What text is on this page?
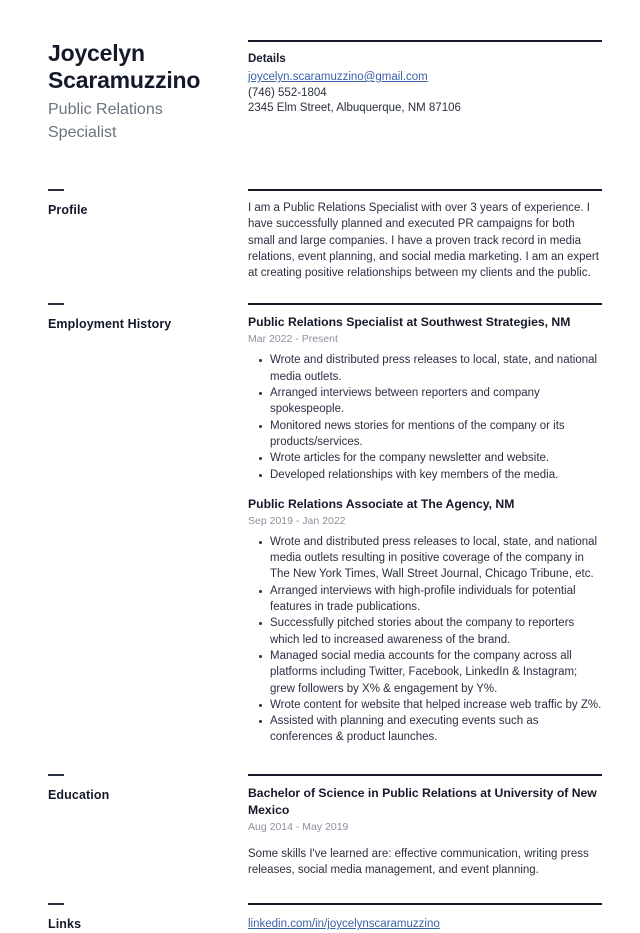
Joycelyn Scaramuzzino
Public Relations Specialist
Details
joycelyn.scaramuzzino@gmail.com
(746) 552-1804
2345 Elm Street, Albuquerque, NM 87106
Profile	I am a Public Relations Specialist with over 3 years of experience. I have successfully planned and executed PR campaigns for both small and large companies. I have a proven track record in media relations, event planning, and social media marketing. I am an expert at creating positive relationships between my clients and the public.
Employment History	Public Relations Specialist at Southwest Strategies, NM
Mar 2022 - Present
Wrote and distributed press releases to local, state, and national media outlets.
Arranged interviews between reporters and company spokespeople.
Monitored news stories for mentions of the company or its products/services.
Wrote articles for the company newsletter and website.
Developed relationships with key members of the media.
Public Relations Associate at The Agency, NM
Sep 2019 - Jan 2022
Wrote and distributed press releases to local, state, and national media outlets resulting in positive coverage of the company in The New York Times, Wall Street Journal, Chicago Tribune, etc.
Arranged interviews with high-profile individuals for potential features in trade publications.
Successfully pitched stories about the company to reporters which led to increased awareness of the brand.
Managed social media accounts for the company across all platforms including Twitter, Facebook, LinkedIn & Instagram; grew followers by X% & engagement by Y%.
Wrote content for website that helped increase web traffic by Z%.
Assisted with planning and executing events such as conferences & product launches.
Education	Bachelor of Science in Public Relations at University of New Mexico
Aug 2014 - May 2019
Some skills I've learned are: effective communication, writing press releases, social media management, and event planning.
Links	linkedin.com/in/joycelynscaramuzzino
